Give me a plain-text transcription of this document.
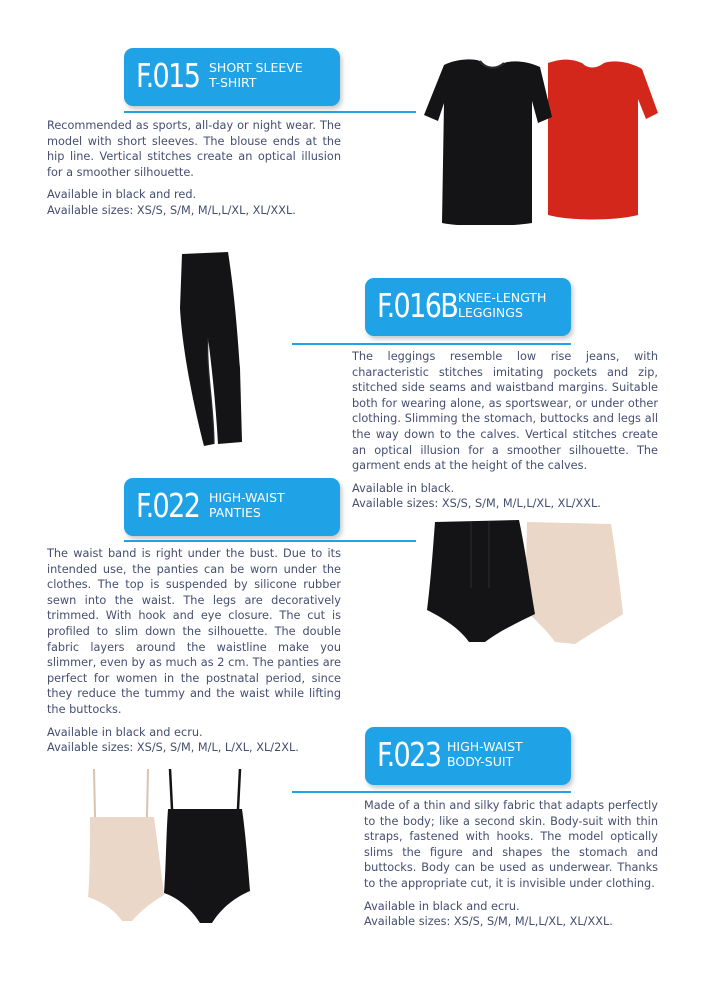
F.015 SHORT SLEEVE
T-SHIRT

Recommended as sports, all-day or night wear. The model with short sleeves. The blouse ends at the hip line. Vertical stitches create an optical illusion for a smoother silhouette.

Available in black and red.
Available sizes: XS/S, S/M, M/L,L/XL, XL/XXL.
F.016B KNEE-LENGTH
LEGGINGS

The leggings resemble low rise jeans, with characteristic stitches imitating pockets and zip, stitched side seams and waistband margins. Suitable both for wearing alone, as sportswear, or under other clothing. Slimming the stomach, buttocks and legs all the way down to the calves. Vertical stitches create an optical illusion for a smoother silhouette. The garment ends at the height of the calves.

Available in black.
Available sizes: XS/S, S/M, M/L,L/XL, XL/XXL.
F.022 HIGH-WAIST
PANTIES

The waist band is right under the bust. Due to its intended use, the panties can be worn under the clothes. The top is suspended by silicone rubber sewn into the waist. The legs are decoratively trimmed. With hook and eye closure. The cut is profiled to slim down the silhouette. The double fabric layers around the waistline make you slimmer, even by as much as 2 cm. The panties are perfect for women in the postnatal period, since they reduce the tummy and the waist while lifting the buttocks.

Available in black and ecru.
Available sizes: XS/S, S/M, M/L, L/XL, XL/2XL.	F.023 HIGH-WAIST
BODY-SUIT

Made of a thin and silky fabric that adapts perfectly to the body; like a second skin. Body-suit with thin straps, fastened with hooks. The model optically slims the figure and shapes the stomach and buttocks. Body can be used as underwear. Thanks to the appropriate cut, it is invisible under clothing.

Available in black and ecru.
Available sizes: XS/S, S/M, M/L,L/XL, XL/XXL.
